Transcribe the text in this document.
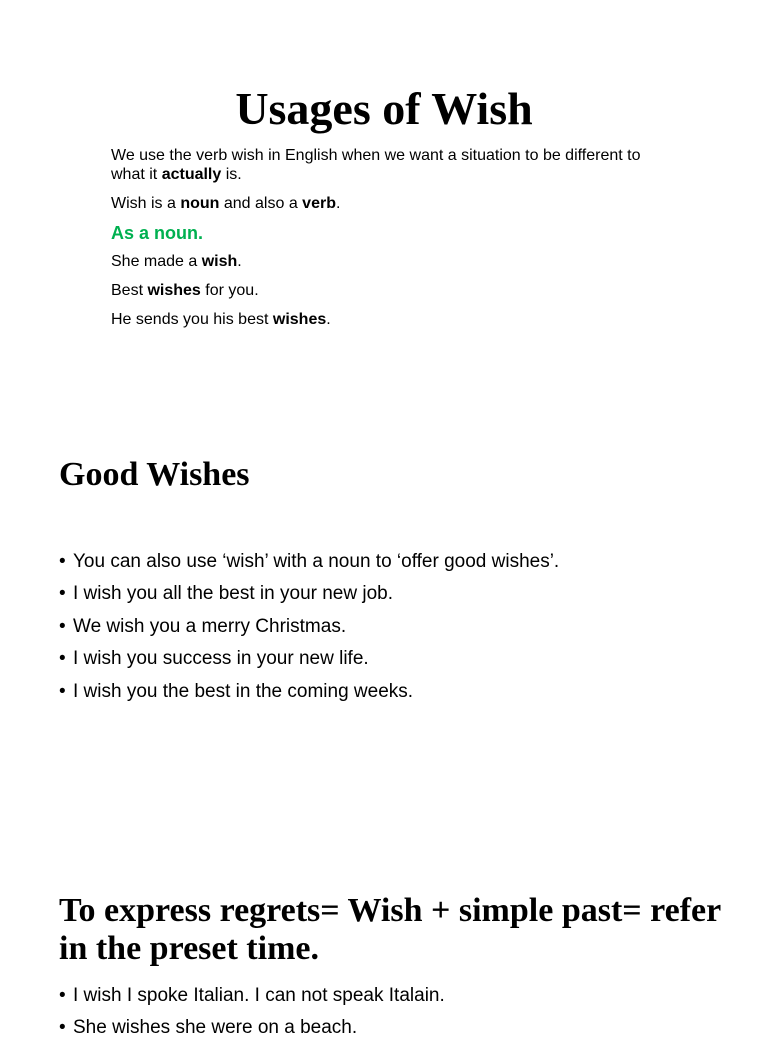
Usages of Wish

We use the verb wish in English when we want a situation to be different to what it actually is.

Wish is a noun and also a verb.

As a noun.

She made a wish.

Best wishes for you.

He sends you his best wishes.

Good Wishes
• You can also use ‘wish’ with a noun to ‘offer good wishes’.
• I wish you all the best in your new job.
• We wish you a merry Christmas.
• I wish you success in your new life.
• I wish you the best in the coming weeks.
To express regrets= Wish + simple past= refer in the preset time.
• I wish I spoke Italian. I can not speak Italain.
• She wishes she were on a beach.
